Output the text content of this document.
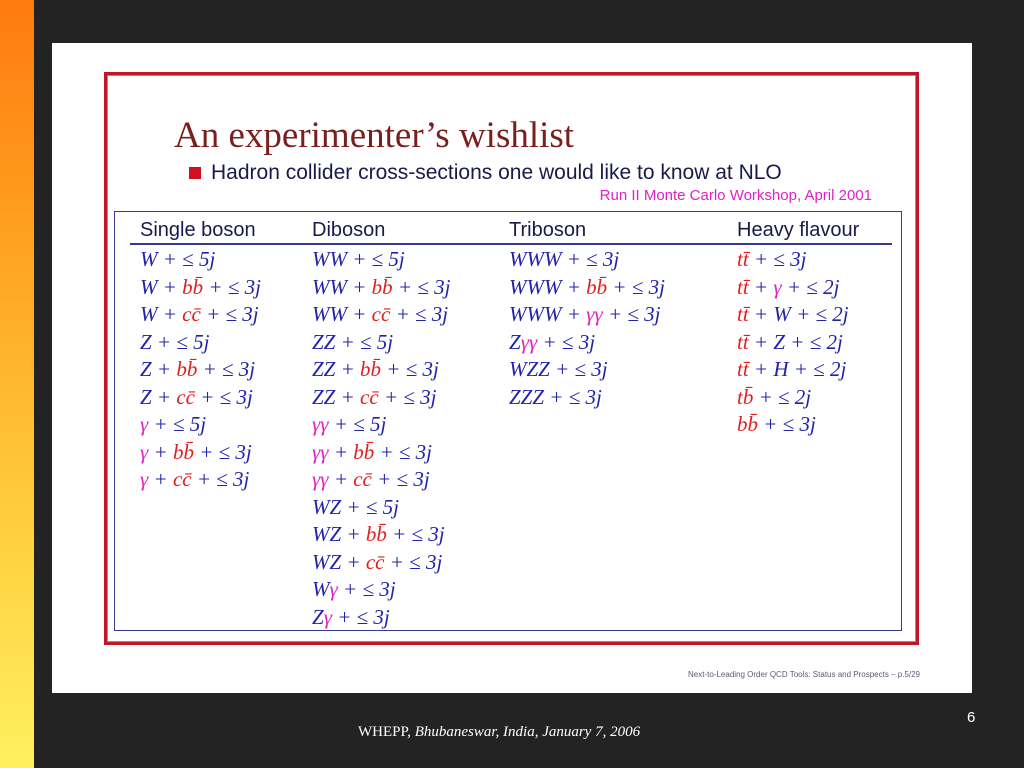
An experimenter’s wishlist
Hadron collider cross-sections one would like to know at NLO
Run II Monte Carlo Workshop, April 2001
Single boson
W + ≤ 5j
W + bb̄ + ≤ 3j
W + cc̄ + ≤ 3j
Z + ≤ 5j
Z + bb̄ + ≤ 3j
Z + cc̄ + ≤ 3j
γ + ≤ 5j
γ + bb̄ + ≤ 3j
γ + cc̄ + ≤ 3j
Diboson
WW + ≤ 5j
WW + bb̄ + ≤ 3j
WW + cc̄ + ≤ 3j
ZZ + ≤ 5j
ZZ + bb̄ + ≤ 3j
ZZ + cc̄ + ≤ 3j
γγ + ≤ 5j
γγ + bb̄ + ≤ 3j
γγ + cc̄ + ≤ 3j
WZ + ≤ 5j
WZ + bb̄ + ≤ 3j
WZ + cc̄ + ≤ 3j
Wγ + ≤ 3j
Zγ + ≤ 3j
Triboson
WWW + ≤ 3j
WWW + bb̄ + ≤ 3j
WWW + γγ + ≤ 3j
Zγγ + ≤ 3j
WZZ + ≤ 3j
ZZZ + ≤ 3j
Heavy flavour
tt̄ + ≤ 3j
tt̄ + γ + ≤ 2j
tt̄ + W + ≤ 2j
tt̄ + Z + ≤ 2j
tt̄ + H + ≤ 2j
tb̄ + ≤ 2j
bb̄ + ≤ 3j
Next-to-Leading Order QCD Tools: Status and Prospects – p.5/29
WHEPP, Bhubaneswar, India, January 7, 2006
6
